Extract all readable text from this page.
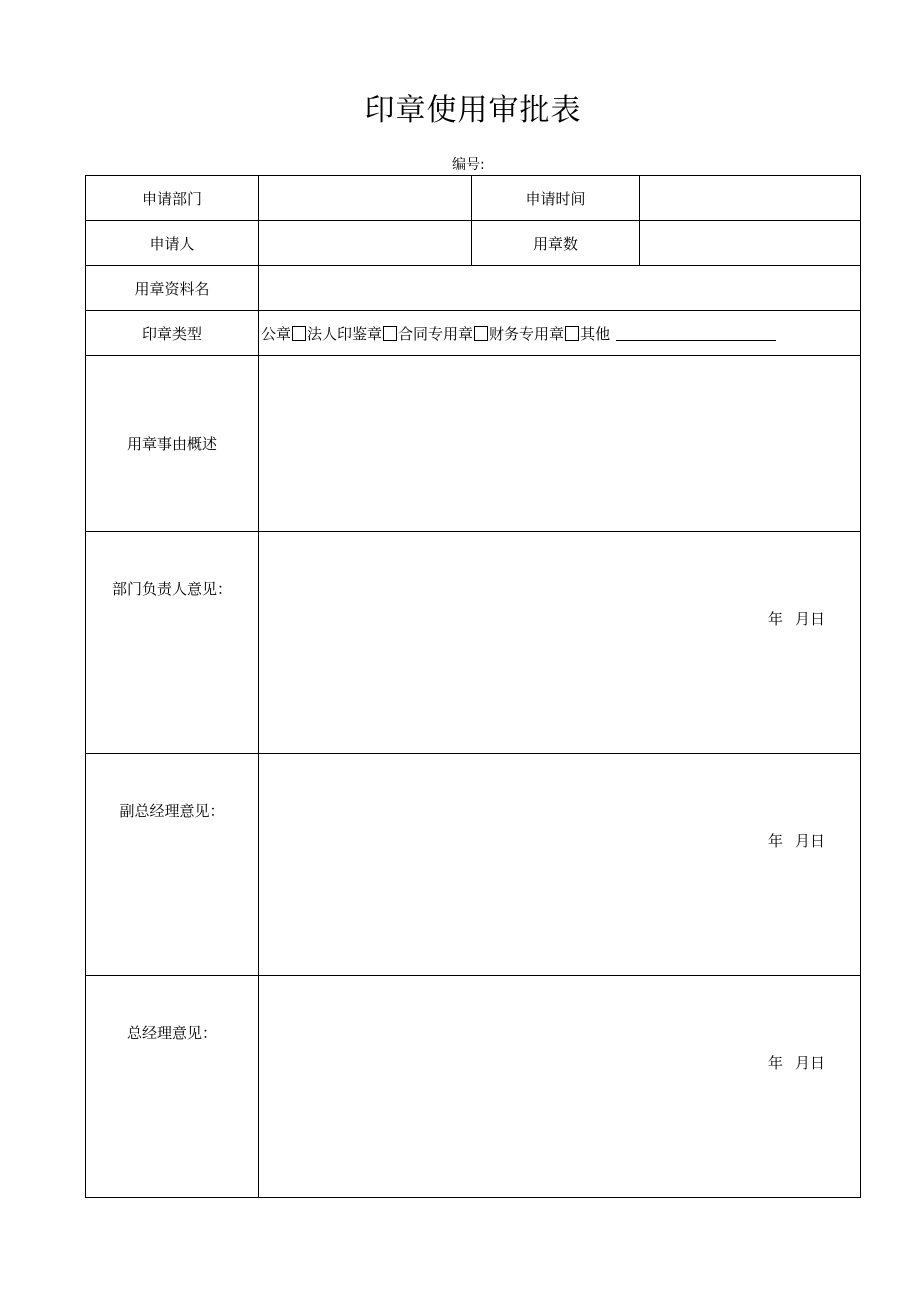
印章使用审批表
编号:
申请部门		申请时间	
申请人		用章数	
用章资料名			
印章类型	公章 法人印鉴章 合同专用章 财务专用章 其他		
用章事由概述			
部门负责人意见：	年 月日		

副总经理意见：	年 月日		

总经理意见：	年 月日		
